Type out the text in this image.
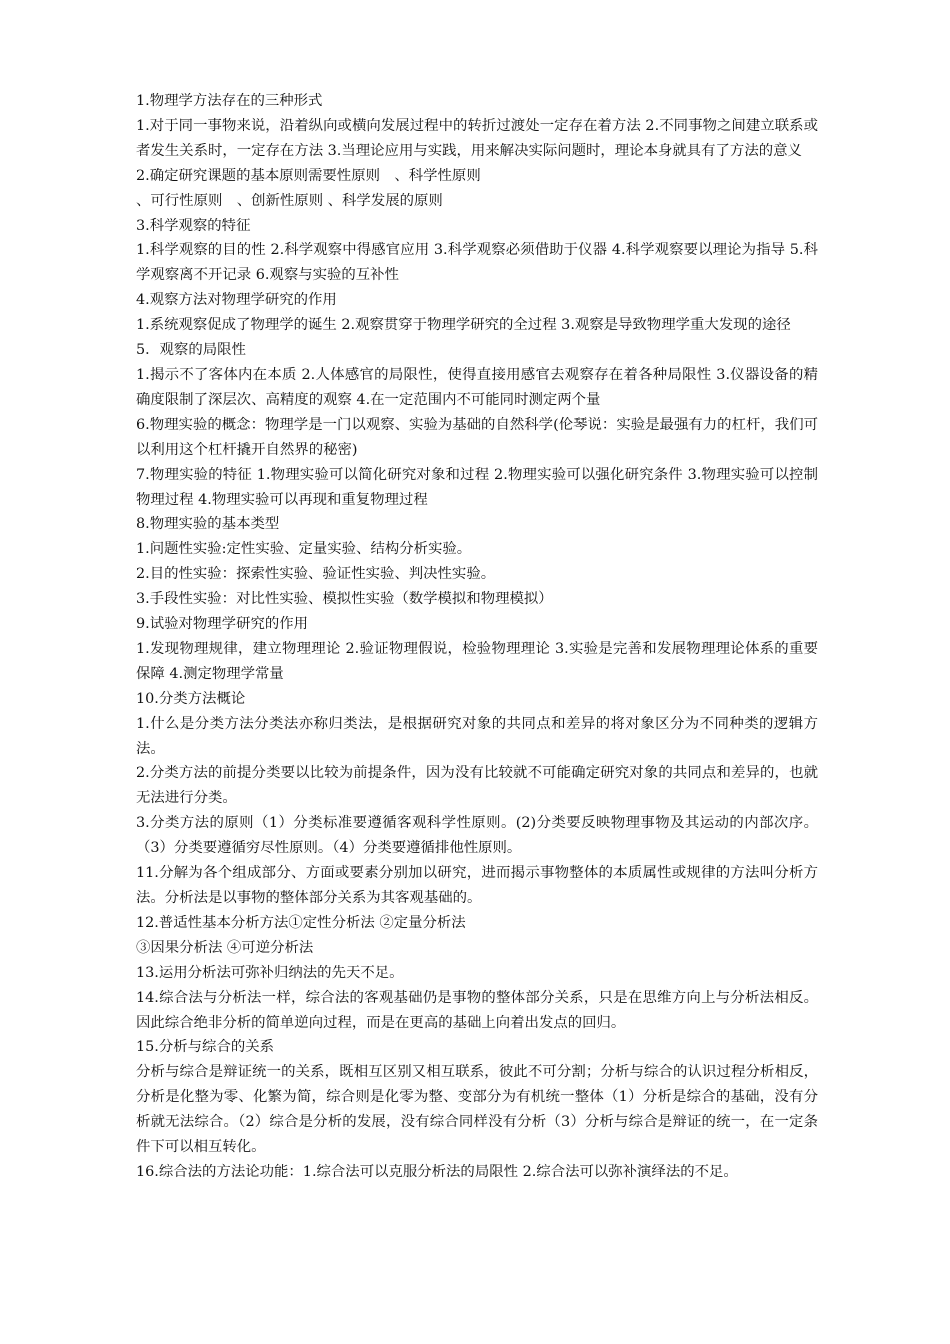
1.物理学方法存在的三种形式

1.对于同一事物来说，沿着纵向或横向发展过程中的转折过渡处一定存在着方法 2.不同事物之间建立联系或者发生关系时，一定存在方法 3.当理论应用与实践，用来解决实际问题时，理论本身就具有了方法的意义

2.确定研究课题的基本原则需要性原则　、科学性原则

、可行性原则　、创新性原则 、科学发展的原则

3.科学观察的特征

1.科学观察的目的性 2.科学观察中得感官应用 3.科学观察必须借助于仪器 4.科学观察要以理论为指导 5.科学观察离不开记录 6.观察与实验的互补性

4.观察方法对物理学研究的作用

1.系统观察促成了物理学的诞生 2.观察贯穿于物理学研究的全过程 3.观察是导致物理学重大发现的途径

5．观察的局限性

1.揭示不了客体内在本质 2.人体感官的局限性，使得直接用感官去观察存在着各种局限性 3.仪器设备的精确度限制了深层次、高精度的观察 4.在一定范围内不可能同时测定两个量

6.物理实验的概念：物理学是一门以观察、实验为基础的自然科学(伦琴说：实验是最强有力的杠杆，我们可以利用这个杠杆撬开自然界的秘密)

7.物理实验的特征 1.物理实验可以简化研究对象和过程 2.物理实验可以强化研究条件 3.物理实验可以控制物理过程 4.物理实验可以再现和重复物理过程

8.物理实验的基本类型

1.问题性实验:定性实验、定量实验、结构分析实验。

2.目的性实验：探索性实验、验证性实验、判决性实验。

3.手段性实验：对比性实验、模拟性实验（数学模拟和物理模拟）

9.试验对物理学研究的作用

1.发现物理规律，建立物理理论 2.验证物理假说，检验物理理论 3.实验是完善和发展物理理论体系的重要保障 4.测定物理学常量

10.分类方法概论

1.什么是分类方法分类法亦称归类法，是根据研究对象的共同点和差异的将对象区分为不同种类的逻辑方法。

2.分类方法的前提分类要以比较为前提条件，因为没有比较就不可能确定研究对象的共同点和差异的，也就无法进行分类。

3.分类方法的原则（1）分类标准要遵循客观科学性原则。(2)分类要反映物理事物及其运动的内部次序。（3）分类要遵循穷尽性原则。（4）分类要遵循排他性原则。

11.分解为各个组成部分、方面或要素分别加以研究，进而揭示事物整体的本质属性或规律的方法叫分析方法。分析法是以事物的整体部分关系为其客观基础的。

12.普适性基本分析方法①定性分析法 ②定量分析法

③因果分析法 ④可逆分析法

13.运用分析法可弥补归纳法的先天不足。

14.综合法与分析法一样，综合法的客观基础仍是事物的整体部分关系，只是在思维方向上与分析法相反。因此综合绝非分析的简单逆向过程，而是在更高的基础上向着出发点的回归。

15.分析与综合的关系

分析与综合是辩证统一的关系，既相互区别又相互联系，彼此不可分割；分析与综合的认识过程分析相反，分析是化整为零、化繁为简，综合则是化零为整、变部分为有机统一整体（1）分析是综合的基础，没有分析就无法综合。（2）综合是分析的发展，没有综合同样没有分析（3）分析与综合是辩证的统一，在一定条件下可以相互转化。

16.综合法的方法论功能：1.综合法可以克服分析法的局限性 2.综合法可以弥补演绎法的不足。
